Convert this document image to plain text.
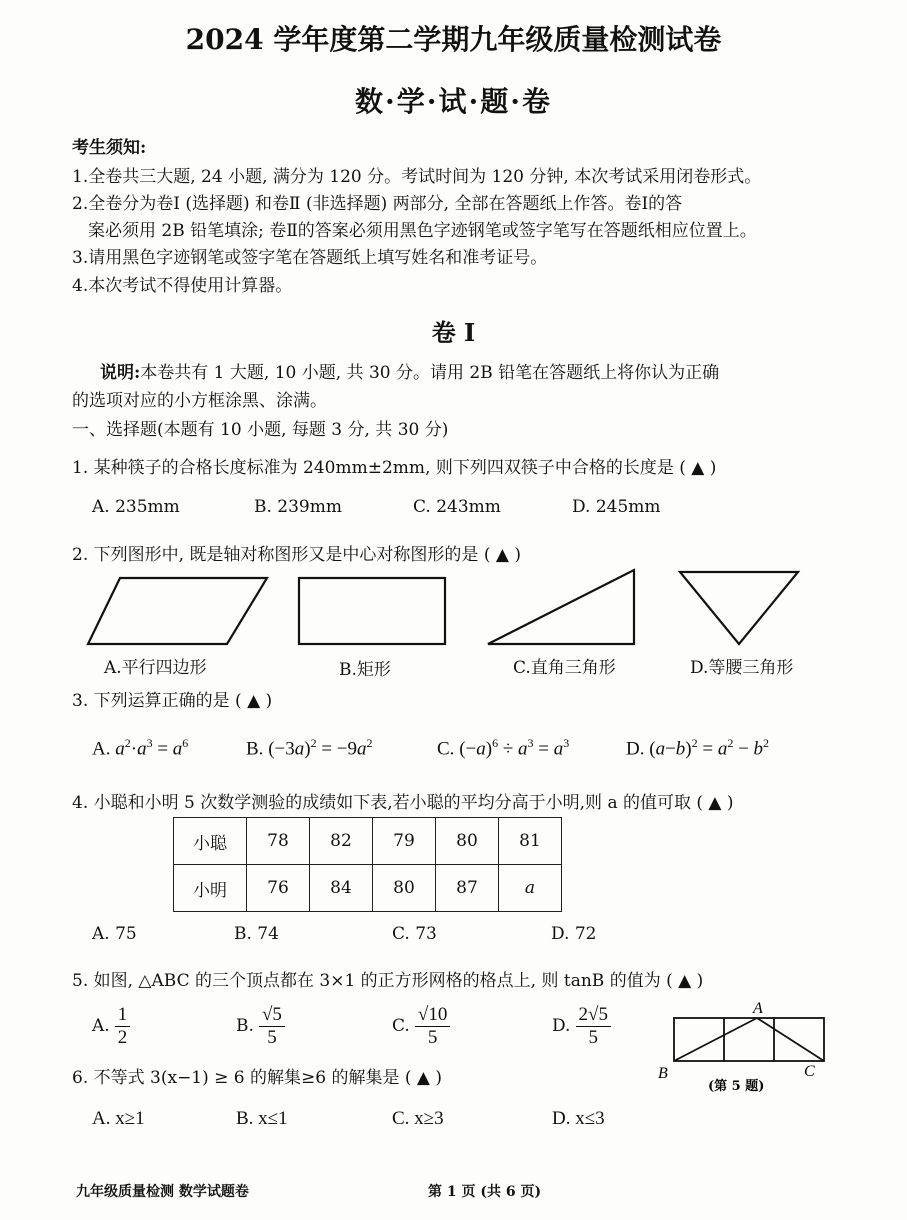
2024 学年度第二学期九年级质量检测试卷
数·学·试·题·卷
考生须知:
1.全卷共三大题, 24 小题, 满分为 120 分。考试时间为 120 分钟, 本次考试采用闭卷形式。
2.全卷分为卷Ⅰ (选择题) 和卷Ⅱ (非选择题) 两部分, 全部在答题纸上作答。卷Ⅰ的答
案必须用 2B 铅笔填涂; 卷Ⅱ的答案必须用黑色字迹钢笔或签字笔写在答题纸相应位置上。
3.请用黑色字迹钢笔或签字笔在答题纸上填写姓名和准考证号。
4.本次考试不得使用计算器。
卷 Ⅰ
说明:本卷共有 1 大题, 10 小题, 共 30 分。请用 2B 铅笔在答题纸上将你认为正确
的选项对应的小方框涂黑、涂满。
一、选择题(本题有 10 小题, 每题 3 分, 共 30 分)
1. 某种筷子的合格长度标准为 240mm±2mm, 则下列四双筷子中合格的长度是 ( ▲ )
A. 235mm	B. 239mm	C. 243mm	D. 245mm
2. 下列图形中, 既是轴对称图形又是中心对称图形的是 ( ▲ )
A.平行四边形	B.矩形	C.直角三角形	D.等腰三角形
3. 下列运算正确的是 ( ▲ )
A. $a^2\cdot a^3 = a^6$	B. $(-3a)^2 = -9a^2$	C. $(-a)^6 \div a^3 = a^3$	D. $(a-b)^2 = a^2 - b^2$
4. 小聪和小明 5 次数学测验的成绩如下表,若小聪的平均分高于小明,则 a 的值可取 ( ▲ )
小聪	78	82	79	80	81
小明	76	84	80	87	a
A. 75	B. 74	C. 73	D. 72
5. 如图, △ABC 的三个顶点都在 3×1 的正方形网格的格点上, 则 tanB 的值为 ( ▲ )
A. $\frac{1}{2}$	B. $\frac{√5}{5}$	C. $\frac{√10}{5}$	D. $\frac{2√5}{5}$	A
B	C
(第 5 题)
6. 不等式 3(x−1) ≥ 6 的解集≥6 的解集是 ( ▲ )
A. x≥1	B. x≤1	C. x≥3	D. x≤3
九年级质量检测 数学试题卷	第 1 页 (共 6 页)
